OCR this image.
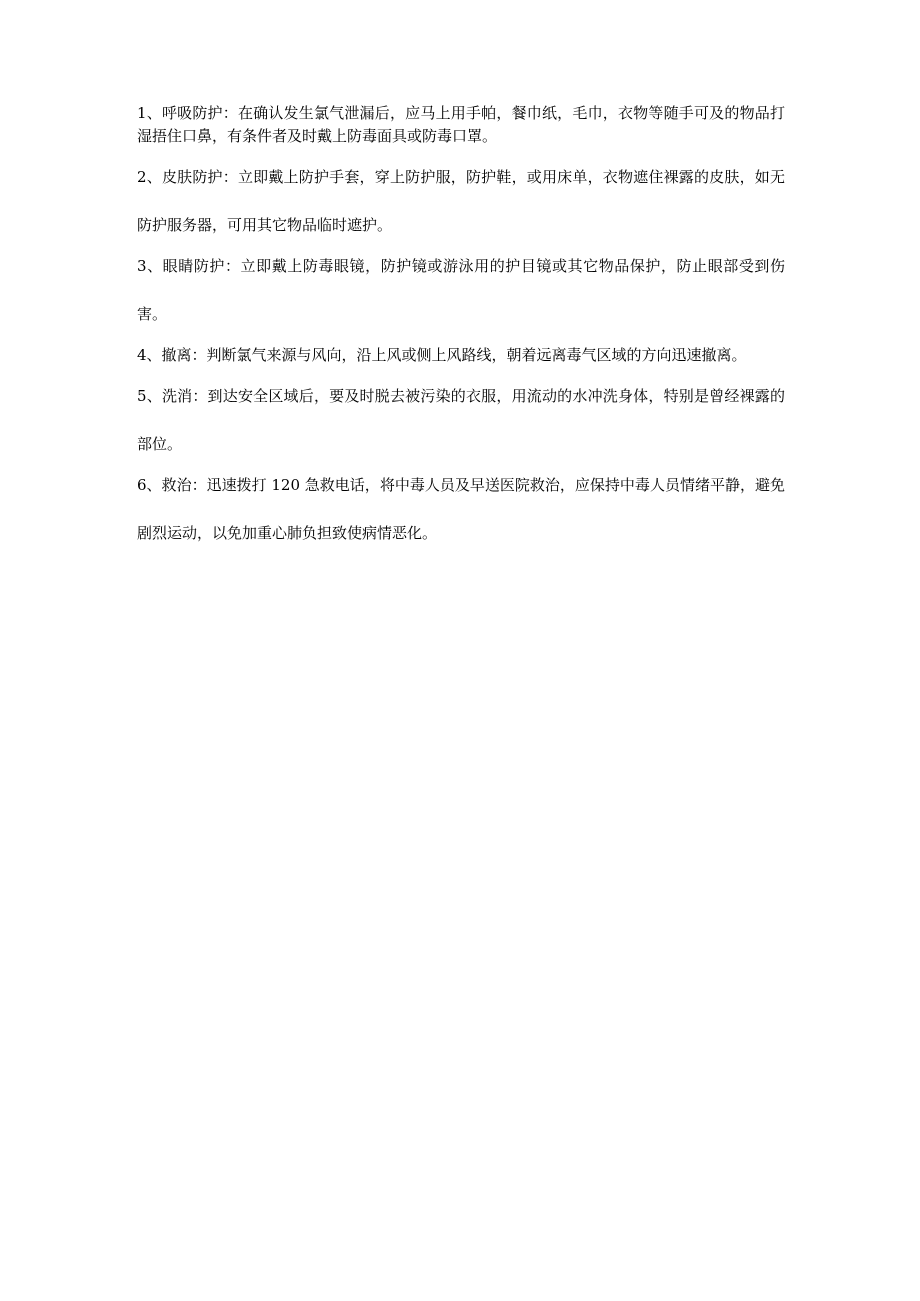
1、呼吸防护：在确认发生氯气泄漏后，应马上用手帕，餐巾纸，毛巾，衣物等随手可及的物品打湿捂住口鼻，有条件者及时戴上防毒面具或防毒口罩。

2、皮肤防护：立即戴上防护手套，穿上防护服，防护鞋，或用床单，衣物遮住裸露的皮肤，如无防护服务器，可用其它物品临时遮护。

3、眼睛防护：立即戴上防毒眼镜，防护镜或游泳用的护目镜或其它物品保护，防止眼部受到伤害。

4、撤离：判断氯气来源与风向，沿上风或侧上风路线，朝着远离毒气区域的方向迅速撤离。

5、洗消：到达安全区域后，要及时脱去被污染的衣服，用流动的水冲洗身体，特别是曾经裸露的部位。

6、救治：迅速拨打 120 急救电话，将中毒人员及早送医院救治，应保持中毒人员情绪平静，避免剧烈运动，以免加重心肺负担致使病情恶化。
